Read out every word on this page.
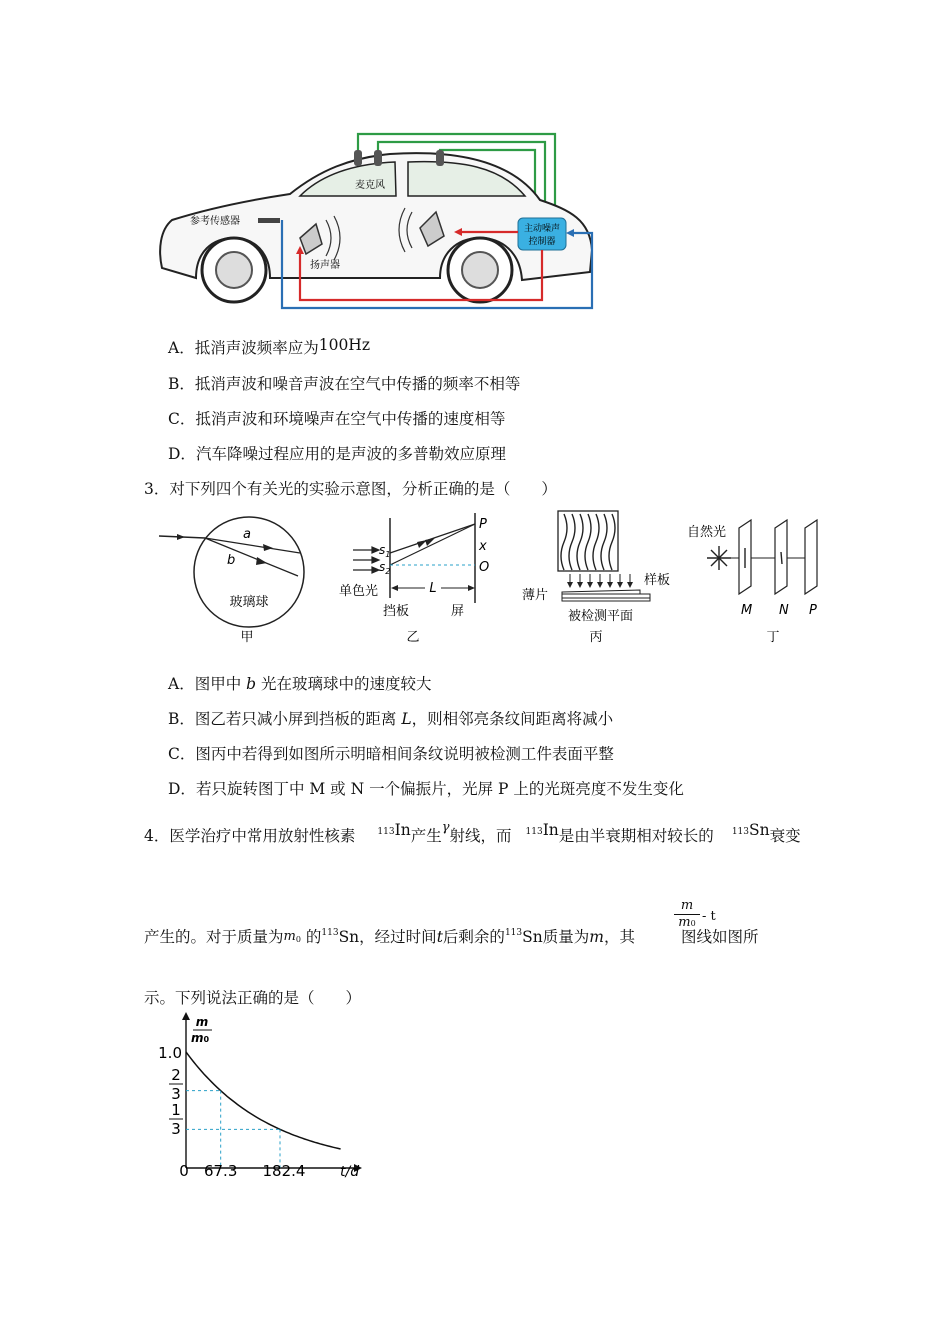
麦克风
参考传感器
扬声器
主动噪声
控制器
A．抵消声波频率应为100Hz
B．抵消声波和噪音声波在空气中传播的频率不相等
C．抵消声波和环境噪声在空气中传播的速度相等
D．汽车降噪过程应用的是声波的多普勒效应原理
3．对下列四个有关光的实验示意图，分析正确的是（　　）
a
b
玻璃球
甲
$s_1$
$s_2$
P
x
O
L
单色光
挡板	屏
乙
薄片
样板
被检测平面
丙
自然光
M N P
丁
A．图甲中 b 光在玻璃球中的速度较大
B．图乙若只减小屏到挡板的距离 L，则相邻亮条纹间距离将减小
C．图丙中若得到如图所示明暗相间条纹说明被检测工件表面平整
D．若只旋转图丁中 M 或 N 一个偏振片，光屏 P 上的光斑亮度不发生变化
4．医学治疗中常用放射性核素 $^{113}$In产生$^\gamma$射线，而 $^{113}$In是由半衰期相对较长的 $^{113}$Sn衰变
m
m0 - t
产生的。对于质量为m0 的$^{113}$Sn，经过时间t后剩余的$^{113}$Sn质量为m，其	图线如图所
示。下列说法正确的是（　　）
m
m0
1.0
2
3
1
3
0 67.3 182.4 t/d
